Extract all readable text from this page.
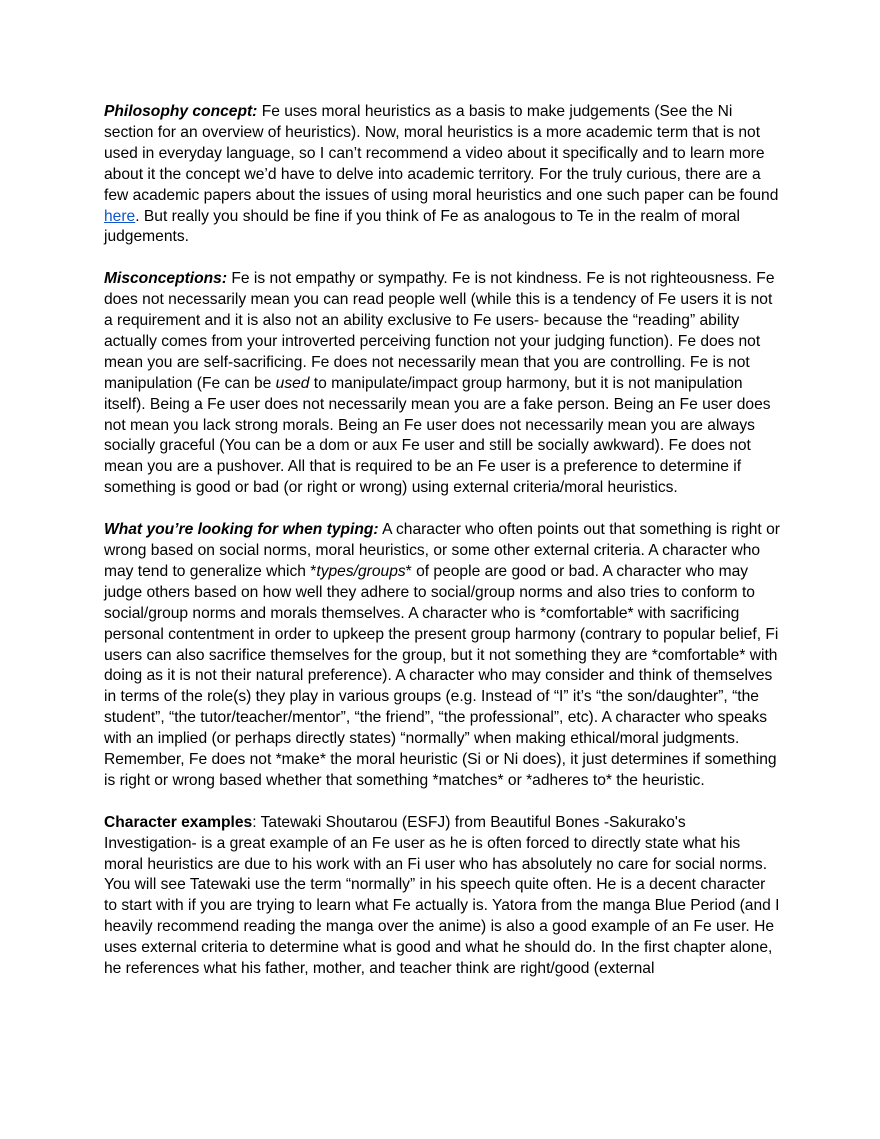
Philosophy concept: Fe uses moral heuristics as a basis to make judgements (See the Ni section for an overview of heuristics). Now, moral heuristics is a more academic term that is not used in everyday language, so I can’t recommend a video about it specifically and to learn more about it the concept we’d have to delve into academic territory. For the truly curious, there are a few academic papers about the issues of using moral heuristics and one such paper can be found here. But really you should be fine if you think of Fe as analogous to Te in the realm of moral judgements.

Misconceptions: Fe is not empathy or sympathy. Fe is not kindness. Fe is not righteousness. Fe does not necessarily mean you can read people well (while this is a tendency of Fe users it is not a requirement and it is also not an ability exclusive to Fe users- because the “reading” ability actually comes from your introverted perceiving function not your judging function). Fe does not mean you are self-sacrificing. Fe does not necessarily mean that you are controlling. Fe is not manipulation (Fe can be used to manipulate/impact group harmony, but it is not manipulation itself). Being a Fe user does not necessarily mean you are a fake person. Being an Fe user does not mean you lack strong morals. Being an Fe user does not necessarily mean you are always socially graceful (You can be a dom or aux Fe user and still be socially awkward). Fe does not mean you are a pushover. All that is required to be an Fe user is a preference to determine if something is good or bad (or right or wrong) using external criteria/moral heuristics.

What you’re looking for when typing: A character who often points out that something is right or wrong based on social norms, moral heuristics, or some other external criteria. A character who may tend to generalize which *types/groups* of people are good or bad. A character who may judge others based on how well they adhere to social/group norms and also tries to conform to social/group norms and morals themselves. A character who is *comfortable* with sacrificing personal contentment in order to upkeep the present group harmony (contrary to popular belief, Fi users can also sacrifice themselves for the group, but it not something they are *comfortable* with doing as it is not their natural preference). A character who may consider and think of themselves in terms of the role(s) they play in various groups (e.g. Instead of “I” it’s “the son/daughter”, “the student”, “the tutor/teacher/mentor”, “the friend”, “the professional”, etc). A character who speaks with an implied (or perhaps directly states) “normally” when making ethical/moral judgments. Remember, Fe does not *make* the moral heuristic (Si or Ni does), it just determines if something is right or wrong based whether that something *matches* or *adheres to* the heuristic.

Character examples: Tatewaki Shoutarou (ESFJ) from Beautiful Bones -Sakurako's Investigation- is a great example of an Fe user as he is often forced to directly state what his moral heuristics are due to his work with an Fi user who has absolutely no care for social norms. You will see Tatewaki use the term “normally” in his speech quite often. He is a decent character to start with if you are trying to learn what Fe actually is. Yatora from the manga Blue Period (and I heavily recommend reading the manga over the anime) is also a good example of an Fe user. He uses external criteria to determine what is good and what he should do. In the first chapter alone, he references what his father, mother, and teacher think are right/good (external
